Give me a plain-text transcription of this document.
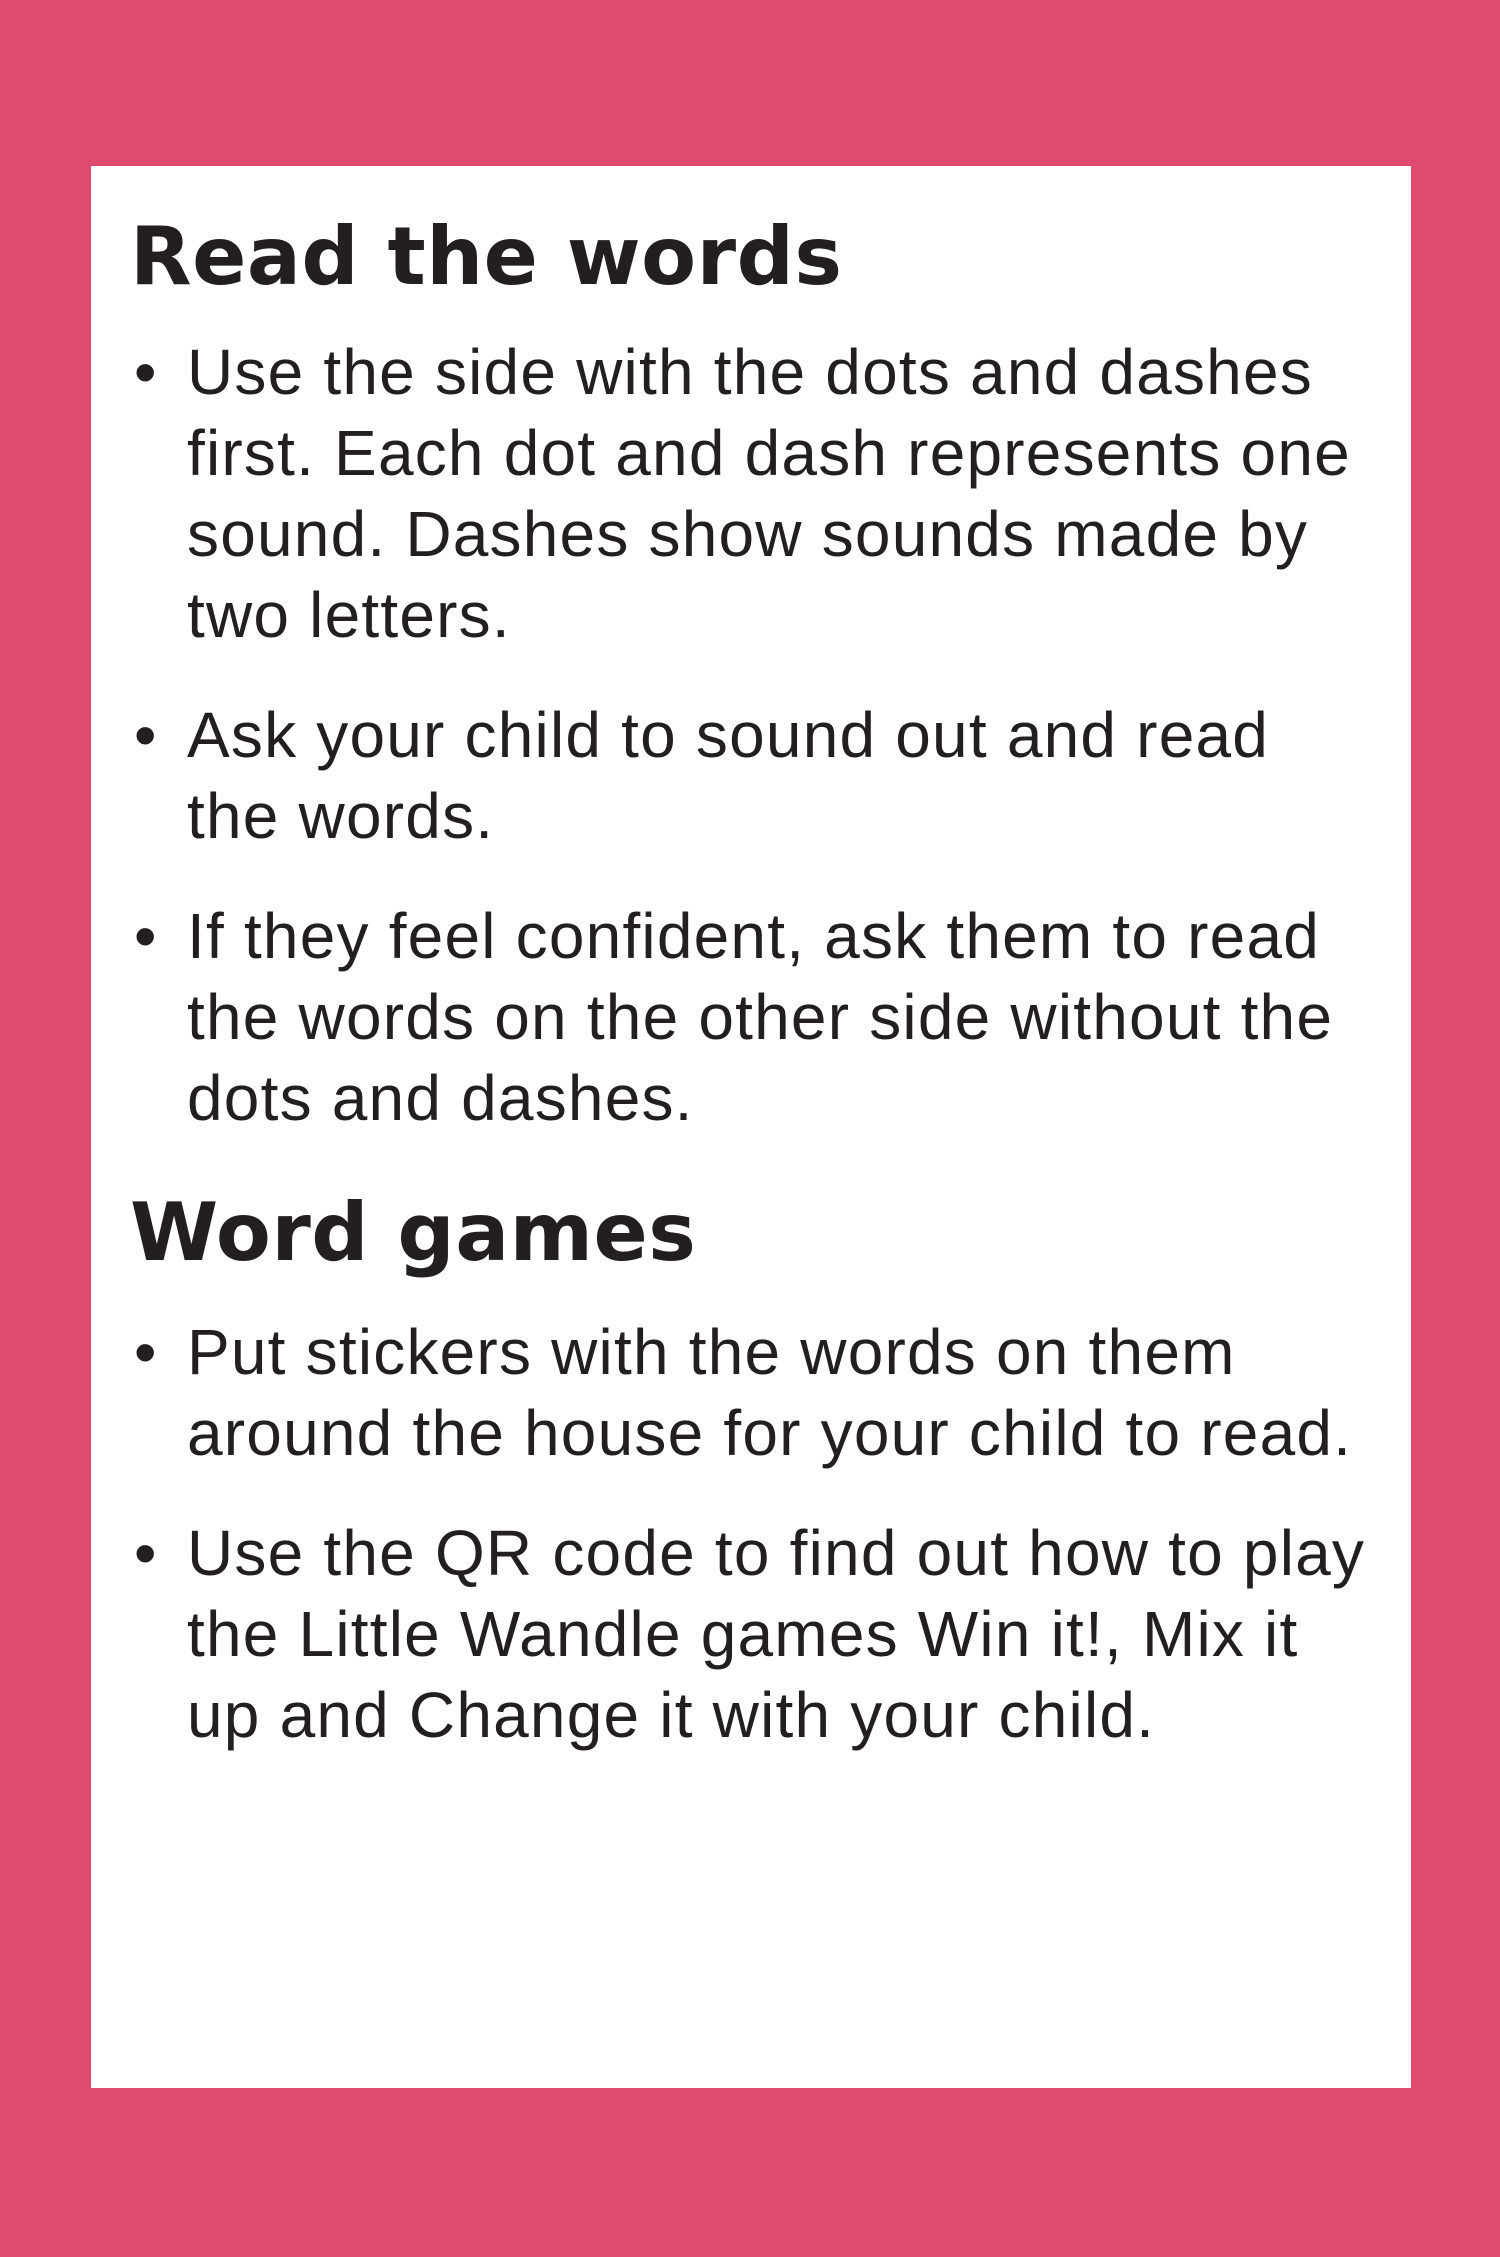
Read the words
• Use the side with the dots and dashes first. Each dot and dash represents one sound. Dashes show sounds made by two letters.
• Ask your child to sound out and read the words.
• If they feel confident, ask them to read the words on the other side without the dots and dashes.
Word games
• Put stickers with the words on them around the house for your child to read.
• Use the QR code to find out how to play the Little Wandle games Win it!, Mix it up and Change it with your child.
